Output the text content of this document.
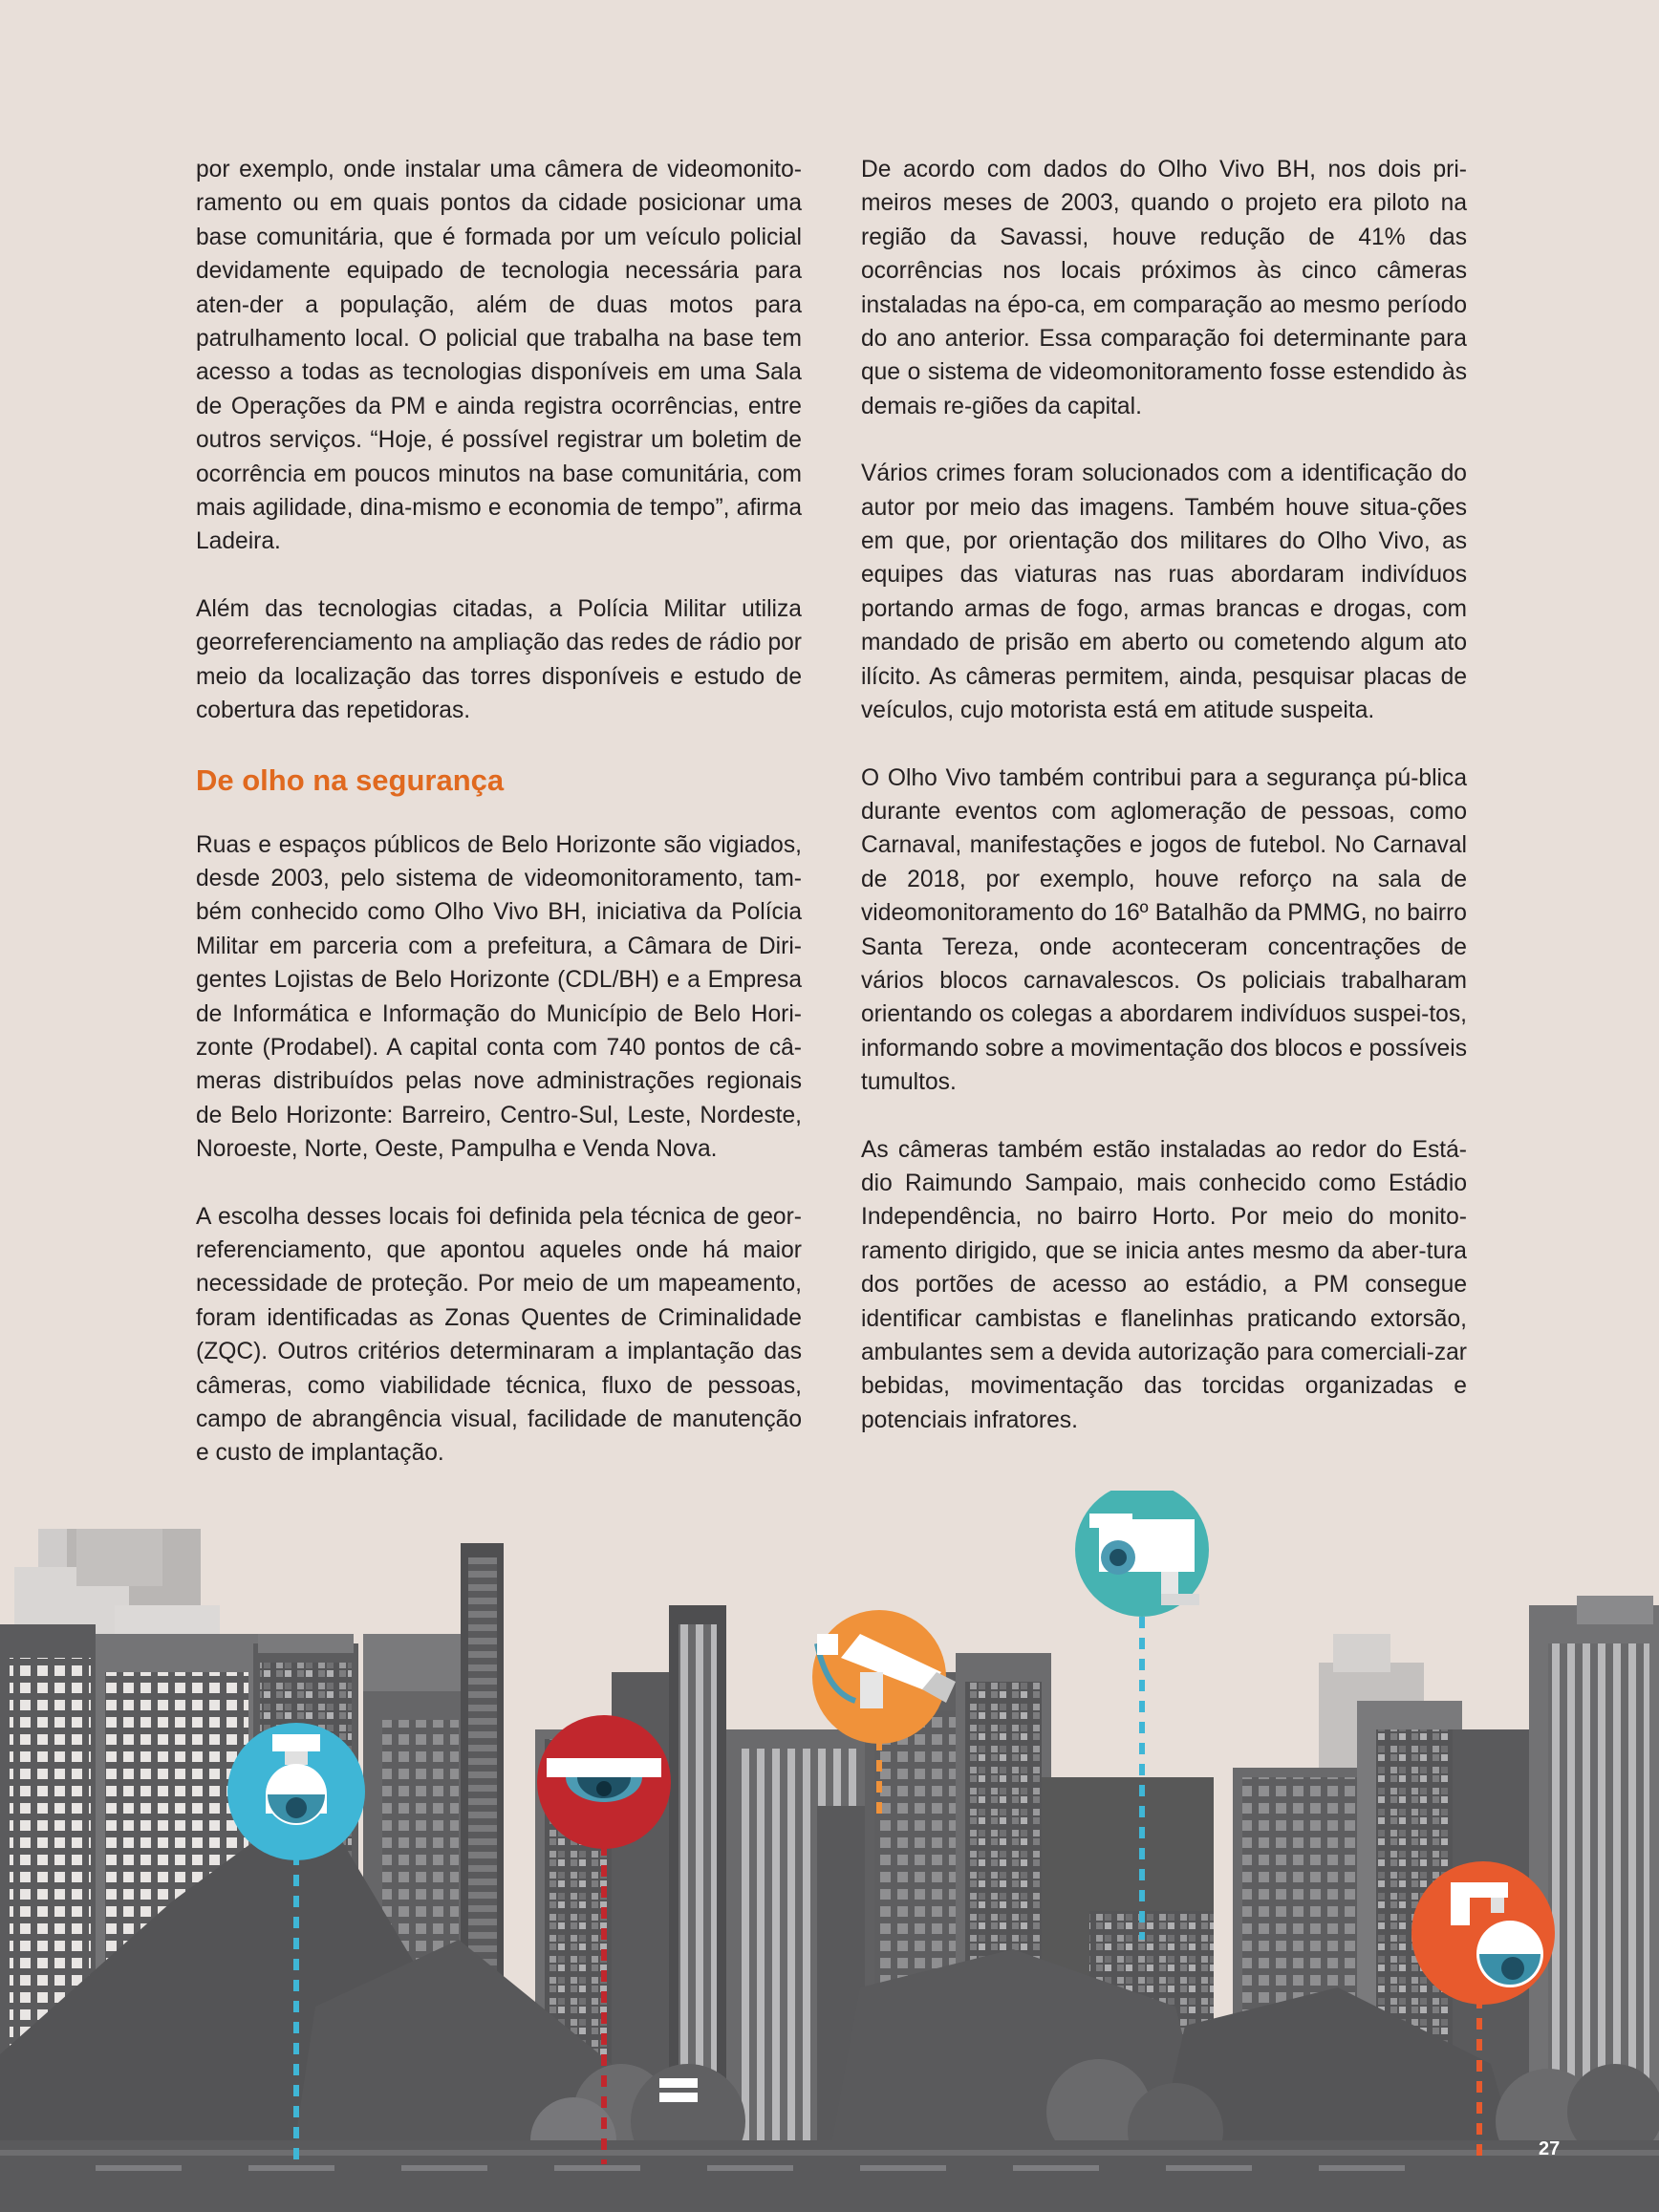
por exemplo, onde instalar uma câmera de videomonito-ramento ou em quais pontos da cidade posicionar uma base comunitária, que é formada por um veículo policial devidamente equipado de tecnologia necessária para aten-der a população, além de duas motos para patrulhamento local. O policial que trabalha na base tem acesso a todas as tecnologias disponíveis em uma Sala de Operações da PM e ainda registra ocorrências, entre outros serviços. “Hoje, é possível registrar um boletim de ocorrência em poucos minutos na base comunitária, com mais agilidade, dina-mismo e economia de tempo”, afirma Ladeira.

Além das tecnologias citadas, a Polícia Militar utiliza georreferenciamento na ampliação das redes de rádio por meio da localização das torres disponíveis e estudo de cobertura das repetidoras.

De olho na segurança

Ruas e espaços públicos de Belo Horizonte são vigiados, desde 2003, pelo sistema de videomonitoramento, tam-bém conhecido como Olho Vivo BH, iniciativa da Polícia Militar em parceria com a prefeitura, a Câmara de Diri-gentes Lojistas de Belo Horizonte (CDL/BH) e a Empresa de Informática e Informação do Município de Belo Hori-zonte (Prodabel). A capital conta com 740 pontos de câ-meras distribuídos pelas nove administrações regionais de Belo Horizonte: Barreiro, Centro-Sul, Leste, Nordeste, Noroeste, Norte, Oeste, Pampulha e Venda Nova.

A escolha desses locais foi definida pela técnica de geor-referenciamento, que apontou aqueles onde há maior necessidade de proteção. Por meio de um mapeamento, foram identificadas as Zonas Quentes de Criminalidade (ZQC). Outros critérios determinaram a implantação das câmeras, como viabilidade técnica, fluxo de pessoas, campo de abrangência visual, facilidade de manutenção e custo de implantação.

De acordo com dados do Olho Vivo BH, nos dois pri-meiros meses de 2003, quando o projeto era piloto na região da Savassi, houve redução de 41% das ocorrências nos locais próximos às cinco câmeras instaladas na épo-ca, em comparação ao mesmo período do ano anterior. Essa comparação foi determinante para que o sistema de videomonitoramento fosse estendido às demais re-giões da capital.

Vários crimes foram solucionados com a identificação do autor por meio das imagens. Também houve situa-ções em que, por orientação dos militares do Olho Vivo, as equipes das viaturas nas ruas abordaram indivíduos portando armas de fogo, armas brancas e drogas, com mandado de prisão em aberto ou cometendo algum ato ilícito. As câmeras permitem, ainda, pesquisar placas de veículos, cujo motorista está em atitude suspeita.

O Olho Vivo também contribui para a segurança pú-blica durante eventos com aglomeração de pessoas, como Carnaval, manifestações e jogos de futebol. No Carnaval de 2018, por exemplo, houve reforço na sala de videomonitoramento do 16º Batalhão da PMMG, no bairro Santa Tereza, onde aconteceram concentrações de vários blocos carnavalescos. Os policiais trabalharam orientando os colegas a abordarem indivíduos suspei-tos, informando sobre a movimentação dos blocos e possíveis tumultos.

As câmeras também estão instaladas ao redor do Está-dio Raimundo Sampaio, mais conhecido como Estádio Independência, no bairro Horto. Por meio do monito-ramento dirigido, que se inicia antes mesmo da aber-tura dos portões de acesso ao estádio, a PM consegue identificar cambistas e flanelinhas praticando extorsão, ambulantes sem a devida autorização para comerciali-zar bebidas, movimentação das torcidas organizadas e potenciais infratores.

27
